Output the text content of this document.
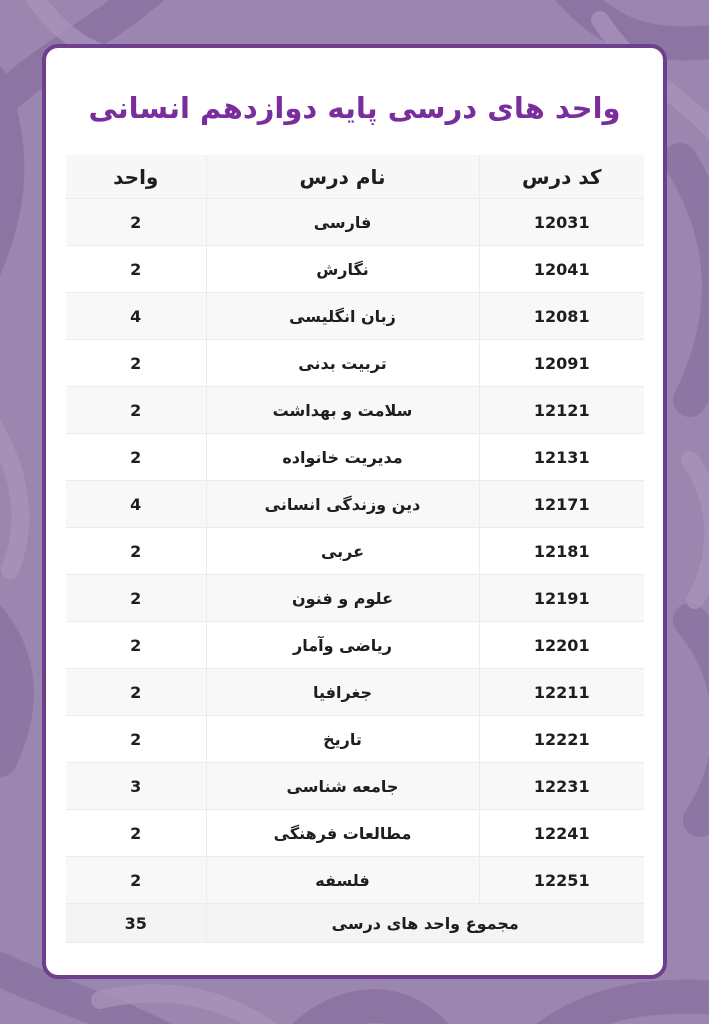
واحد های درسی پایه دوازدهم انسانی
کد درس	نام درس	واحد
12031	فارسی	2
12041	نگارش	2
12081	زبان انگلیسی	4
12091	تربیت بدنی	2
12121	سلامت و بهداشت	2
12131	مدیریت خانواده	2
12171	دین وزندگی انسانی	4
12181	عربی	2
12191	علوم و فنون	2
12201	ریاضی وآمار	2
12211	جغرافیا	2
12221	تاریخ	2
12231	جامعه شناسی	3
12241	مطالعات فرهنگی	2
12251	فلسفه	2
مجموع واحد های درسی		35
